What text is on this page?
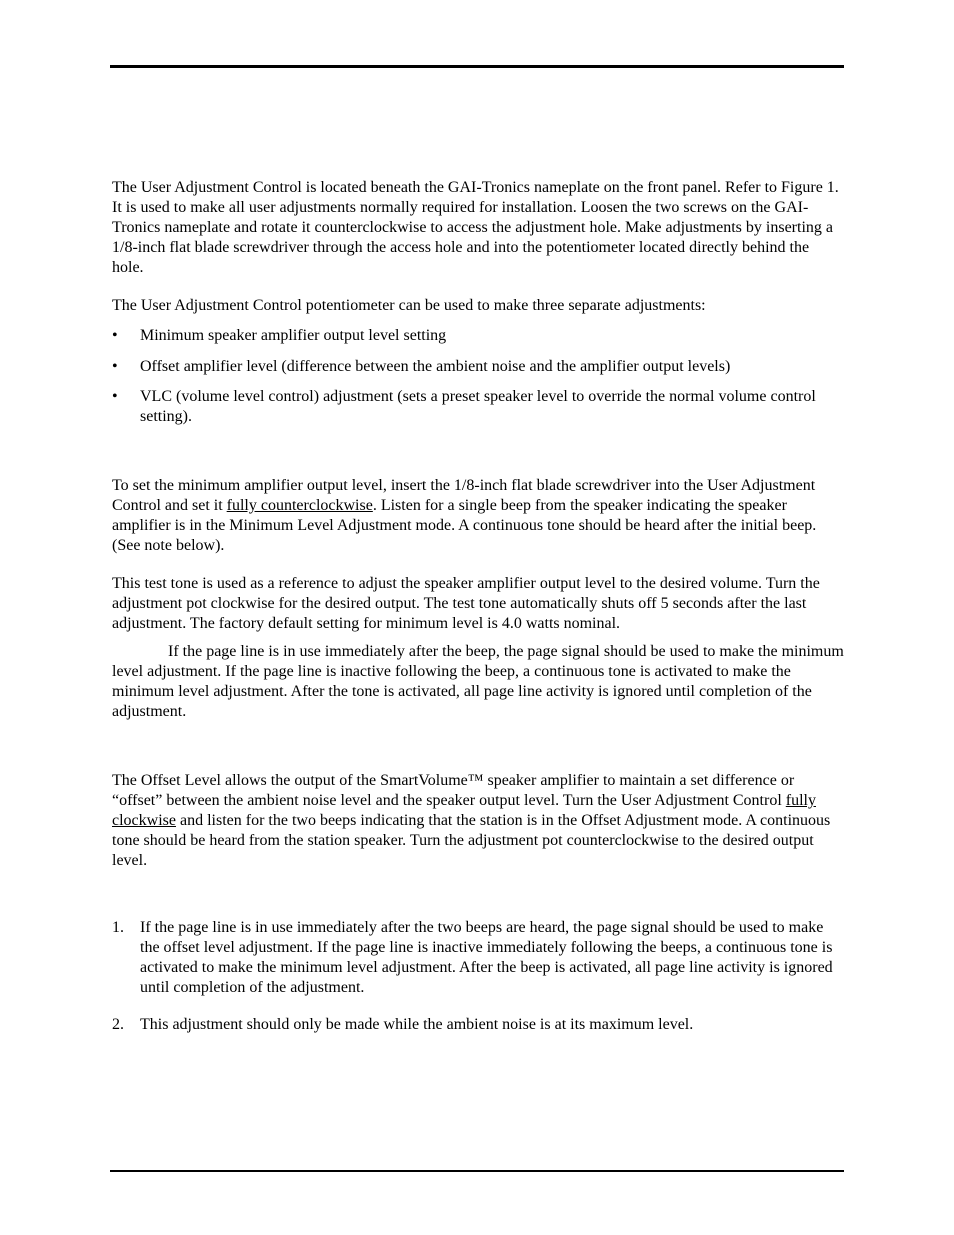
The User Adjustment Control is located beneath the GAI-Tronics nameplate on the front panel. Refer to Figure 1. It is used to make all user adjustments normally required for installation. Loosen the two screws on the GAI-Tronics nameplate and rotate it counterclockwise to access the adjustment hole. Make adjustments by inserting a 1/8-inch flat blade screwdriver through the access hole and into the potentiometer located directly behind the hole.

The User Adjustment Control potentiometer can be used to make three separate adjustments:

• Minimum speaker amplifier output level setting
• Offset amplifier level (difference between the ambient noise and the amplifier output levels)
• VLC (volume level control) adjustment (sets a preset speaker level to override the normal volume control setting).

To set the minimum amplifier output level, insert the 1/8-inch flat blade screwdriver into the User Adjustment Control and set it fully counterclockwise. Listen for a single beep from the speaker indicating the speaker amplifier is in the Minimum Level Adjustment mode. A continuous tone should be heard after the initial beep. (See note below).

This test tone is used as a reference to adjust the speaker amplifier output level to the desired volume. Turn the adjustment pot clockwise for the desired output. The test tone automatically shuts off 5 seconds after the last adjustment. The factory default setting for minimum level is 4.0 watts nominal.

If the page line is in use immediately after the beep, the page signal should be used to make the minimum level adjustment. If the page line is inactive following the beep, a continuous tone is activated to make the minimum level adjustment. After the tone is activated, all page line activity is ignored until completion of the adjustment.

The Offset Level allows the output of the SmartVolume™ speaker amplifier to maintain a set difference or “offset” between the ambient noise level and the speaker output level. Turn the User Adjustment Control fully clockwise and listen for the two beeps indicating that the station is in the Offset Adjustment mode. A continuous tone should be heard from the station speaker. Turn the adjustment pot counterclockwise to the desired output level.

1. If the page line is in use immediately after the two beeps are heard, the page signal should be used to make the offset level adjustment. If the page line is inactive immediately following the beeps, a continuous tone is activated to make the minimum level adjustment. After the beep is activated, all page line activity is ignored until completion of the adjustment.
2. This adjustment should only be made while the ambient noise is at its maximum level.
